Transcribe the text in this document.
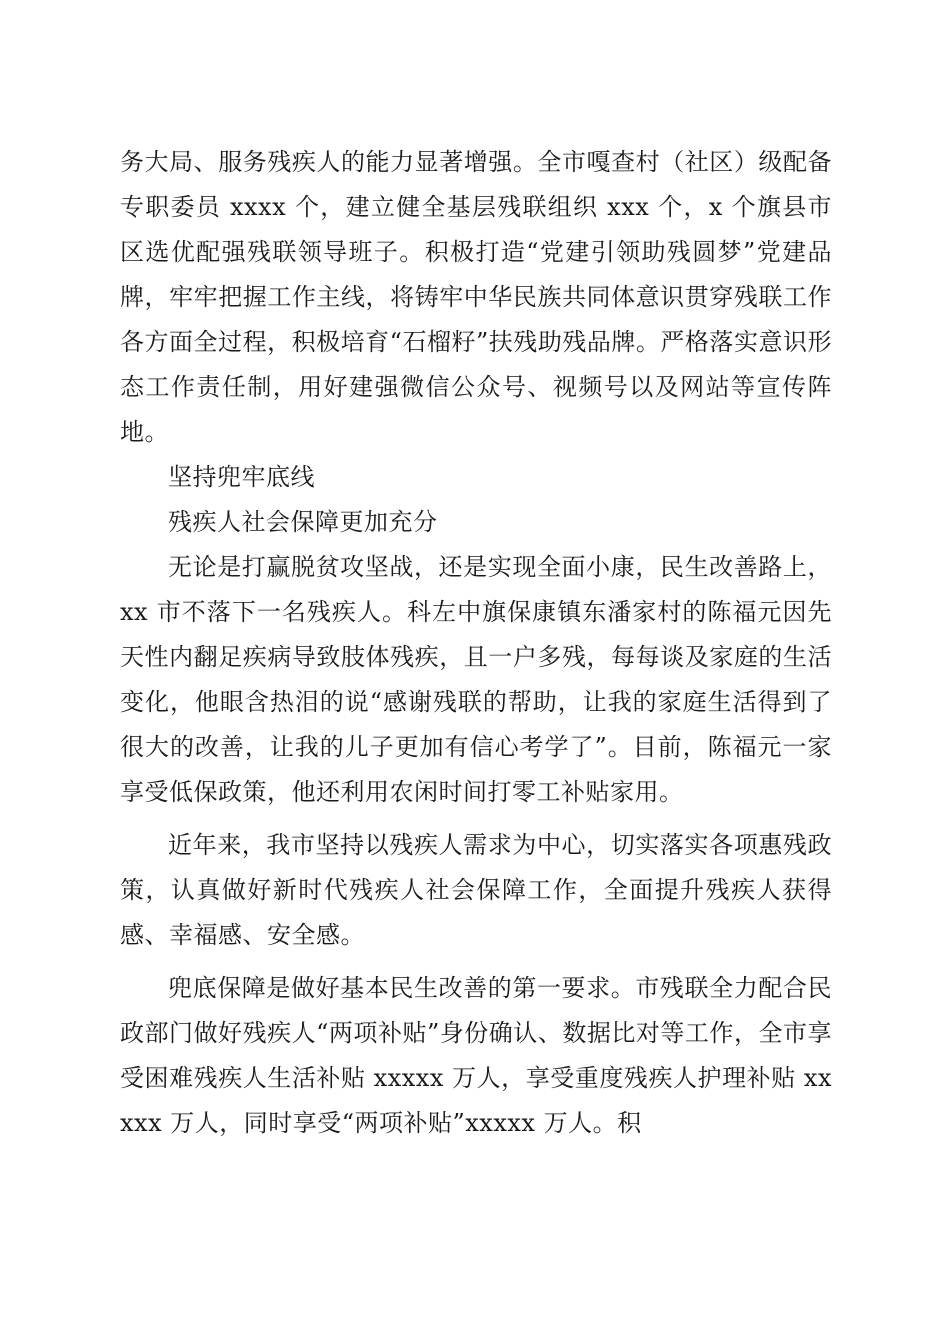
务大局、服务残疾人的能力显著增强。全市嘎查村（社区）级配备专职委员 xxxx 个，建立健全基层残联组织 xxx 个，x 个旗县市区选优配强残联领导班子。积极打造“党建引领助残圆梦”党建品牌，牢牢把握工作主线，将铸牢中华民族共同体意识贯穿残联工作各方面全过程，积极培育“石榴籽”扶残助残品牌。严格落实意识形态工作责任制，用好建强微信公众号、视频号以及网站等宣传阵地。

坚持兜牢底线

残疾人社会保障更加充分

无论是打赢脱贫攻坚战，还是实现全面小康，民生改善路上，xx 市不落下一名残疾人。科左中旗保康镇东潘家村的陈福元因先天性内翻足疾病导致肢体残疾，且一户多残，每每谈及家庭的生活变化，他眼含热泪的说“感谢残联的帮助，让我的家庭生活得到了很大的改善，让我的儿子更加有信心考学了”。目前，陈福元一家享受低保政策，他还利用农闲时间打零工补贴家用。

近年来，我市坚持以残疾人需求为中心，切实落实各项惠残政策，认真做好新时代残疾人社会保障工作，全面提升残疾人获得感、幸福感、安全感。

兜底保障是做好基本民生改善的第一要求。市残联全力配合民政部门做好残疾人“两项补贴”身份确认、数据比对等工作，全市享受困难残疾人生活补贴 xxxxx 万人，享受重度残疾人护理补贴 xxxxx 万人，同时享受“两项补贴”xxxxx 万人。积
